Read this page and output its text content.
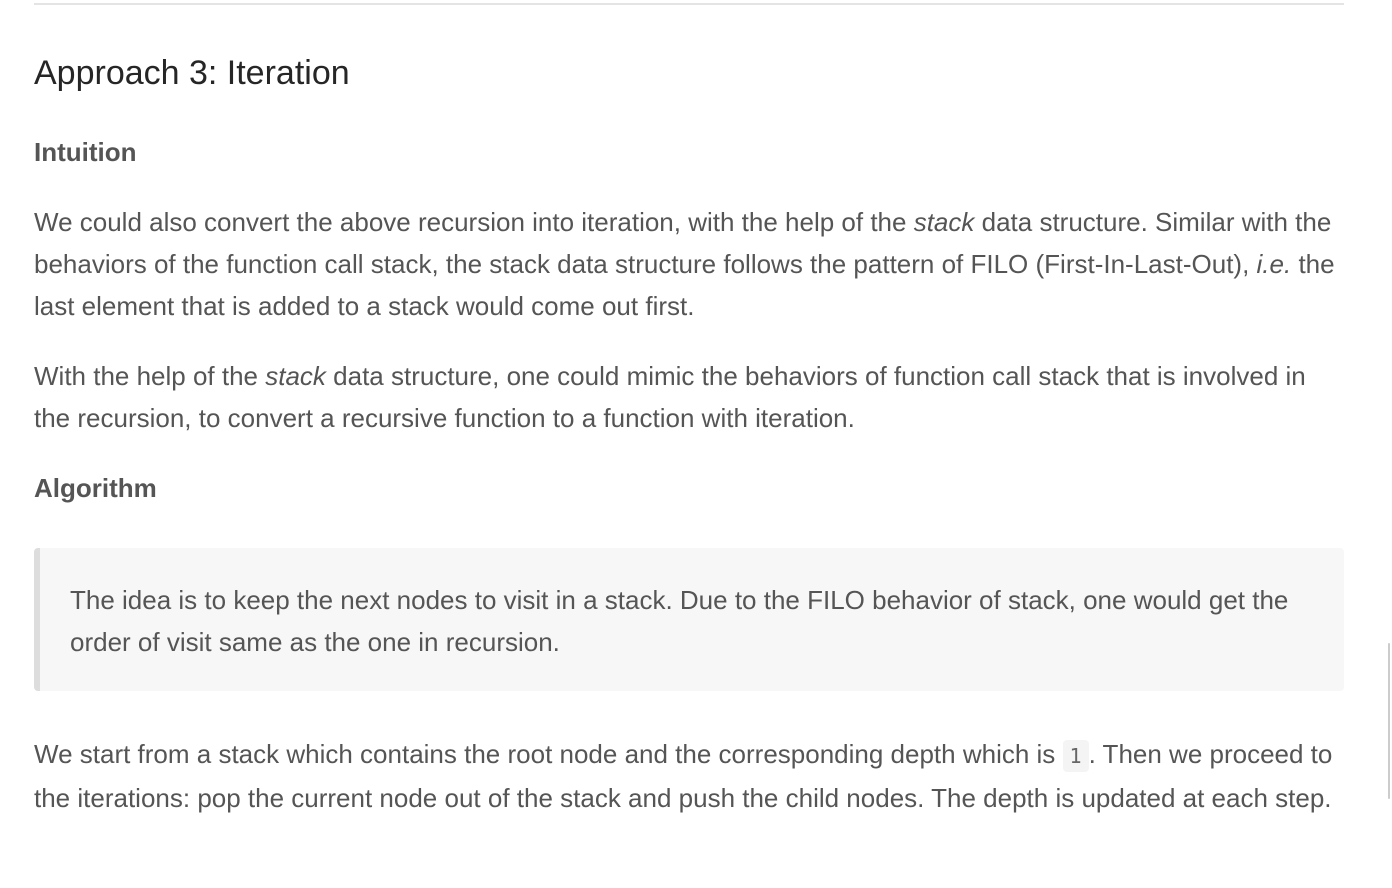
Approach 3: Iteration
Intuition

We could also convert the above recursion into iteration, with the help of the stack data structure. Similar with the behaviors of the function call stack, the stack data structure follows the pattern of FILO (First-In-Last-Out), i.e. the last element that is added to a stack would come out first.

With the help of the stack data structure, one could mimic the behaviors of function call stack that is involved in the recursion, to convert a recursive function to a function with iteration.

Algorithm

The idea is to keep the next nodes to visit in a stack. Due to the FILO behavior of stack, one would get the order of visit same as the one in recursion.

We start from a stack which contains the root node and the corresponding depth which is 1 . Then we proceed to the iterations: pop the current node out of the stack and push the child nodes. The depth is updated at each step.
